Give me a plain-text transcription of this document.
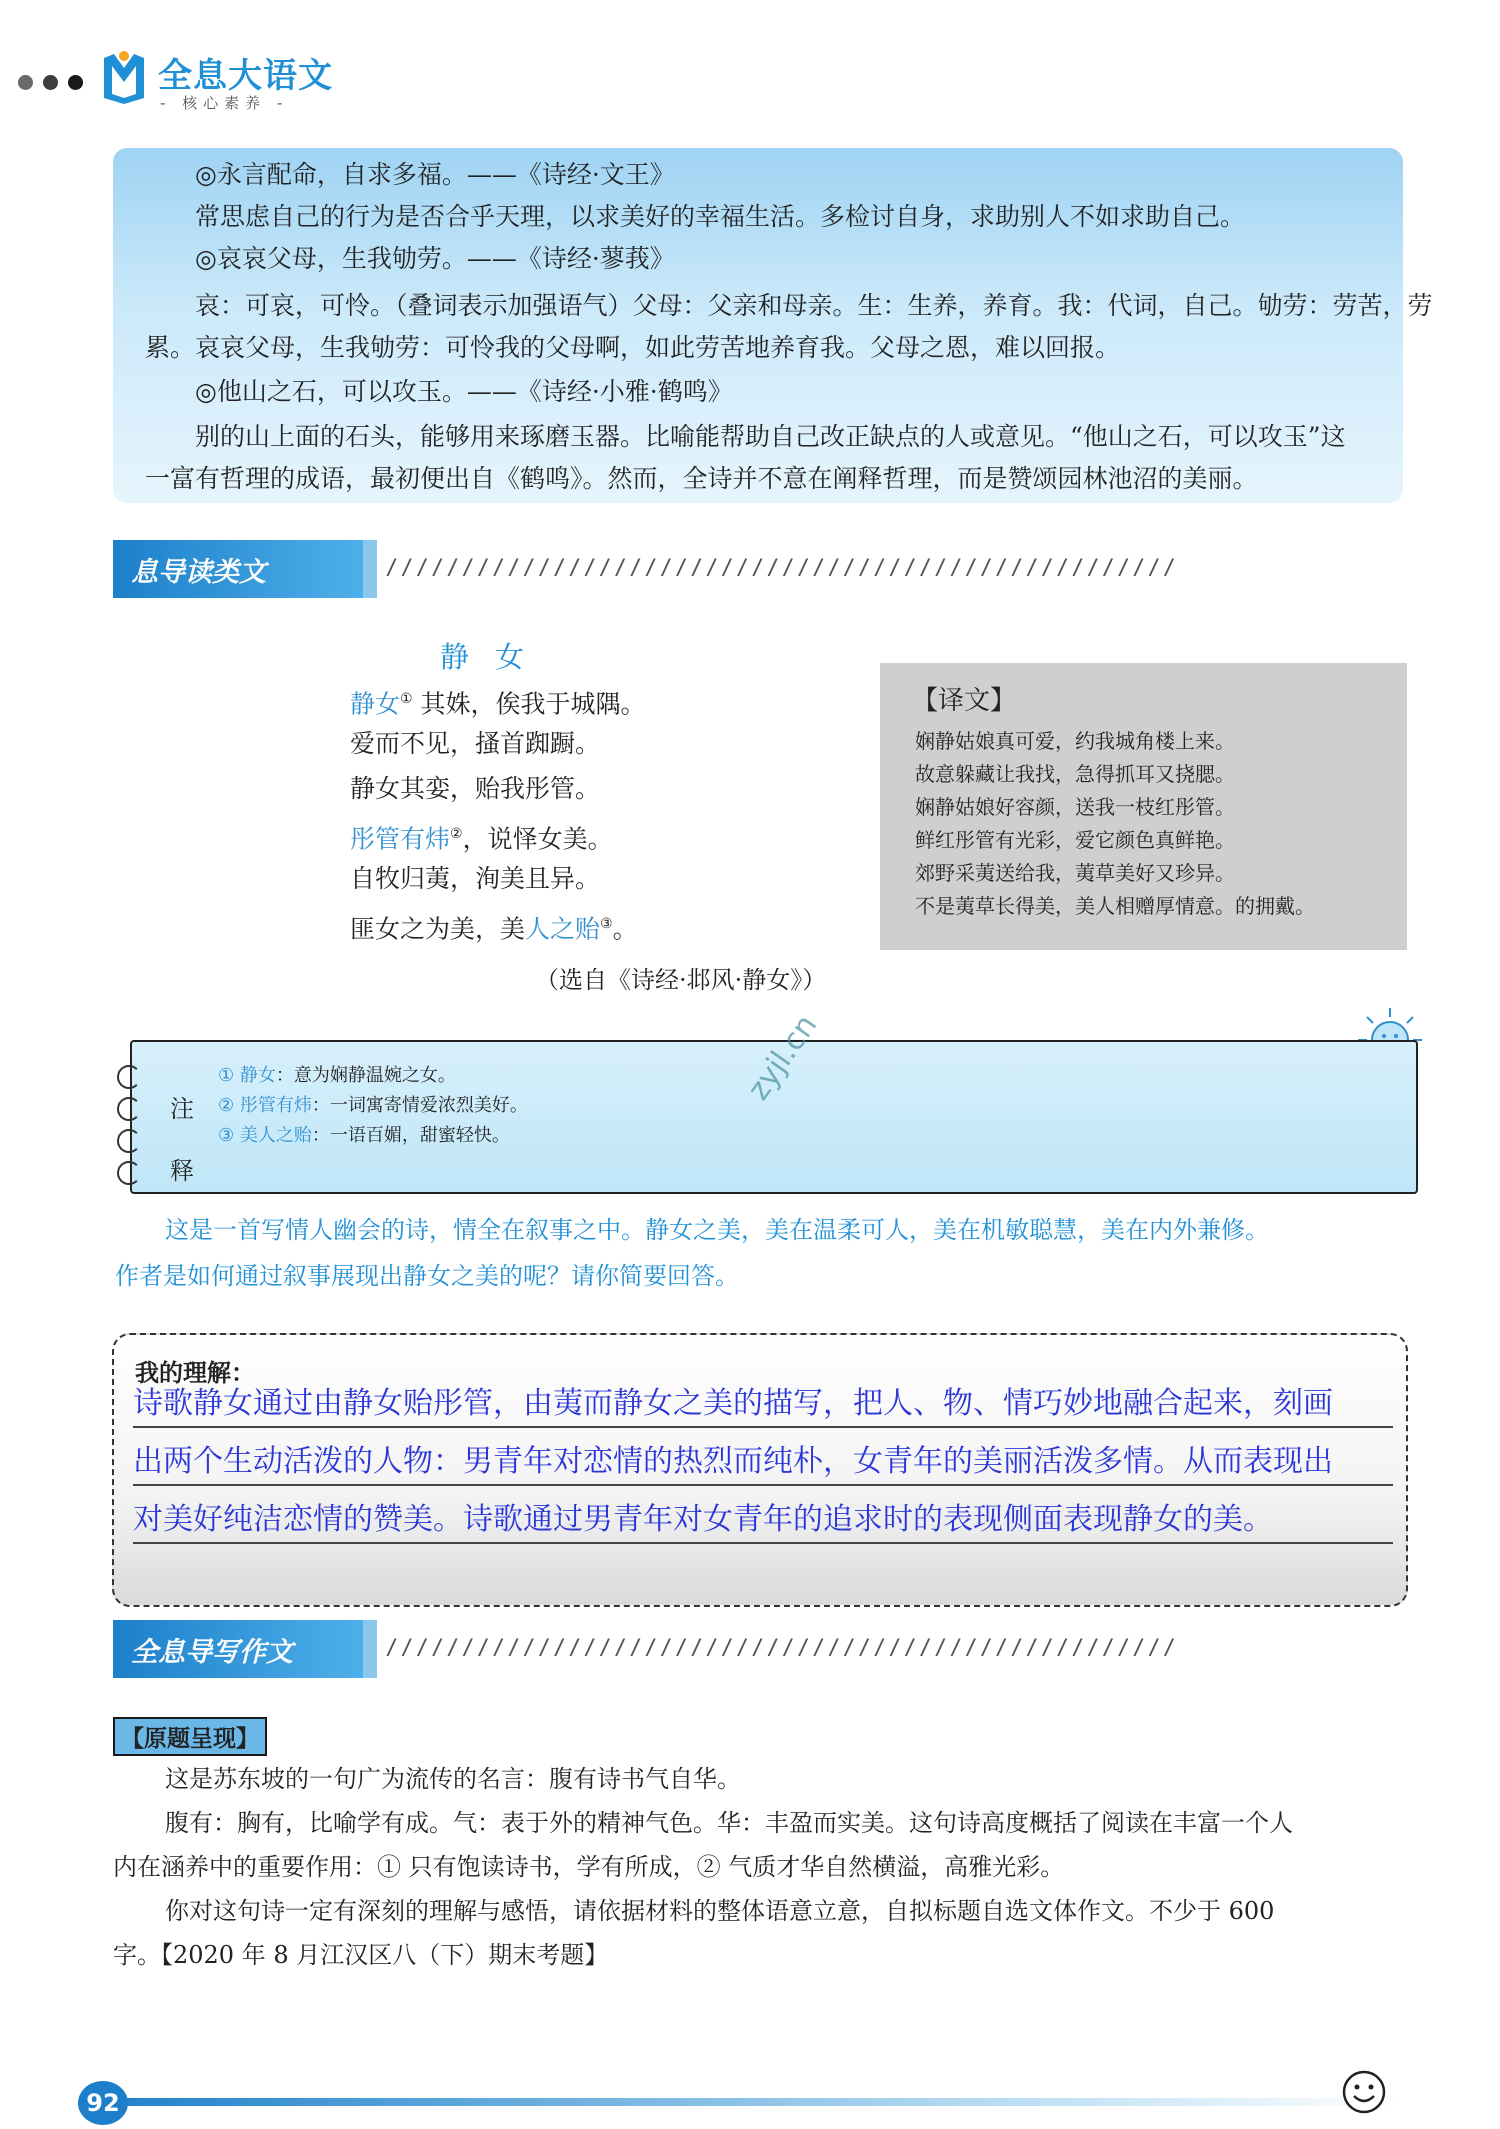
全息大语文
- 核心素养 -
◎永言配命，自求多福。——《诗经·文王》
常思虑自己的行为是否合乎天理，以求美好的幸福生活。多检讨自身，求助别人不如求助自己。
◎哀哀父母，生我劬劳。——《诗经·蓼莪》
哀：可哀，可怜。（叠词表示加强语气）父母：父亲和母亲。生：生养，养育。我：代词，自己。劬劳：劳苦，劳
累。哀哀父母，生我劬劳：可怜我的父母啊，如此劳苦地养育我。父母之恩，难以回报。
◎他山之石，可以攻玉。——《诗经·小雅·鹤鸣》
别的山上面的石头，能够用来琢磨玉器。比喻能帮助自己改正缺点的人或意见。“他山之石，可以攻玉”这
一富有哲理的成语，最初便出自《鹤鸣》。然而，全诗并不意在阐释哲理，而是赞颂园林池沼的美丽。
息导读类文	////////////////////////////////////////////////////
静女
静女① 其姝，俟我于城隅。
爱而不见，搔首踟蹰。
静女其娈，贻我彤管。
彤管有炜②，说怿女美。
自牧归荑，洵美且异。
匪女之为美，美人之贻③。
（选自《诗经·邶风·静女》）
【译文】
娴静姑娘真可爱，约我城角楼上来。
故意躲藏让我找，急得抓耳又挠腮。
娴静姑娘好容颜，送我一枝红彤管。
鲜红彤管有光彩，爱它颜色真鲜艳。
郊野采荑送给我，荑草美好又珍异。
不是荑草长得美，美人相赠厚情意。的拥戴。
注
释
① 静女：意为娴静温婉之女。
② 彤管有炜：一词寓寄情爱浓烈美好。
③ 美人之贻：一语百媚，甜蜜轻快。
zyjl.cn
这是一首写情人幽会的诗，情全在叙事之中。静女之美，美在温柔可人，美在机敏聪慧，美在内外兼修。
作者是如何通过叙事展现出静女之美的呢？请你简要回答。
我的理解：
诗歌静女通过由静女贻彤管，由荑而静女之美的描写，把人、物、情巧妙地融合起来，刻画
出两个生动活泼的人物：男青年对恋情的热烈而纯朴，女青年的美丽活泼多情。从而表现出
对美好纯洁恋情的赞美。诗歌通过男青年对女青年的追求时的表现侧面表现静女的美。
全息导写作文	////////////////////////////////////////////////////
【原题呈现】
这是苏东坡的一句广为流传的名言：腹有诗书气自华。
腹有：胸有，比喻学有成。气：表于外的精神气色。华：丰盈而实美。这句诗高度概括了阅读在丰富一个人
内在涵养中的重要作用：① 只有饱读诗书，学有所成，② 气质才华自然横溢，高雅光彩。
你对这句诗一定有深刻的理解与感悟，请依据材料的整体语意立意，自拟标题自选文体作文。不少于 600
字。【2020 年 8 月江汉区八（下）期末考题】
92
